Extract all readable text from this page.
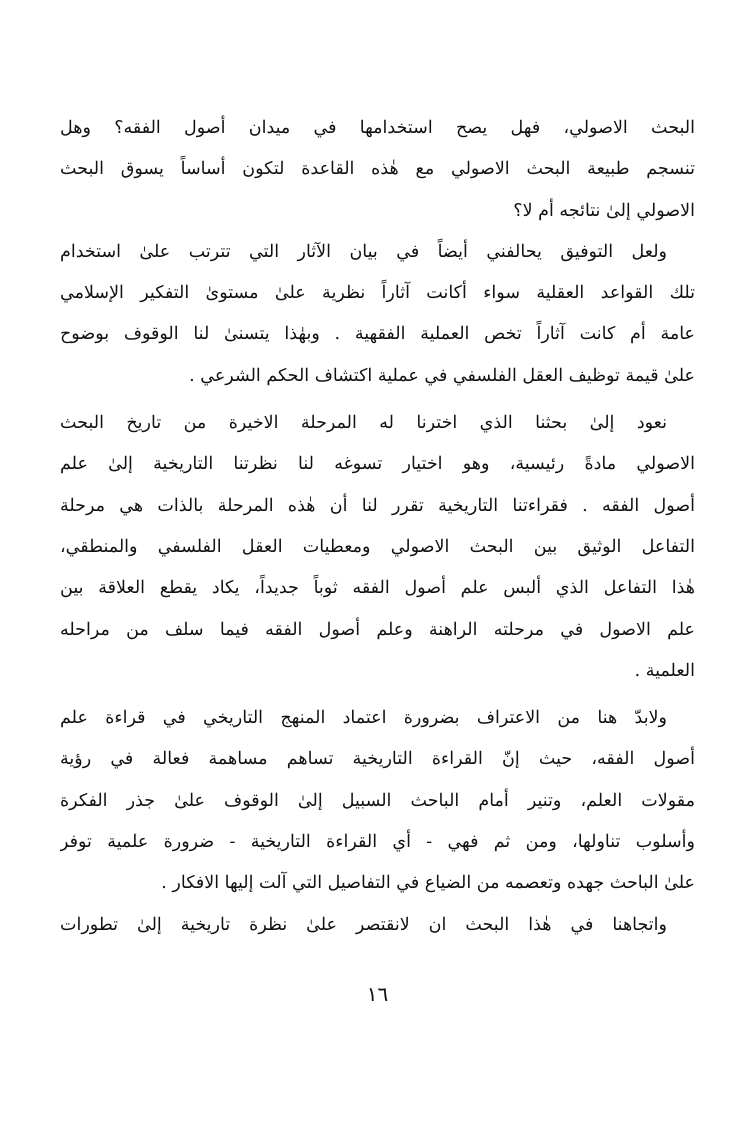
البحث الاصولي، فهل يصح استخدامها في ميدان أصول الفقه؟ وهل
تنسجم طبيعة البحث الاصولي مع هٰذه القاعدة لتكون أساساً يسوق البحث
الاصولي إلىٰ نتائجه أم لا؟
ولعل التوفيق يحالفني أيضاً في بيان الآثار التي تترتب علىٰ استخدام
تلك القواعد العقلية سواء أكانت آثاراً نظرية علىٰ مستوىٰ التفكير الإسلامي
عامة أم كانت آثاراً تخص العملية الفقهية . وبهٰذا يتسنىٰ لنا الوقوف بوضوح
علىٰ قيمة توظيف العقل الفلسفي في عملية اكتشاف الحكم الشرعي .
نعود إلىٰ بحثنا الذي اخترنا له المرحلة الاخيرة من تاريخ البحث
الاصولي مادةً رئيسية، وهو اختيار تسوغه لنا نظرتنا التاريخية إلىٰ علم
أصول الفقه . فقراءتنا التاريخية تقرر لنا أن هٰذه المرحلة بالذات هي مرحلة
التفاعل الوثيق بين البحث الاصولي ومعطيات العقل الفلسفي والمنطقي،
هٰذا التفاعل الذي ألبس علم أصول الفقه ثوباً جديداً، يكاد يقطع العلاقة بين
علم الاصول في مرحلته الراهنة وعلم أصول الفقه فيما سلف من مراحله
العلمية .
ولابدّ هنا من الاعتراف بضرورة اعتماد المنهج التاريخي في قراءة علم
أصول الفقه، حيث إنّ القراءة التاريخية تساهم مساهمة فعالة في رؤية
مقولات العلم، وتنير أمام الباحث السبيل إلىٰ الوقوف علىٰ جذر الفكرة
وأسلوب تناولها، ومن ثم فهي - أي القراءة التاريخية - ضرورة علمية توفر
علىٰ الباحث جهده وتعصمه من الضياع في التفاصيل التي آلت إليها الافكار .
واتجاهنا في هٰذا البحث ان لانقتصر علىٰ نظرة تاريخية إلىٰ تطورات
١٦
